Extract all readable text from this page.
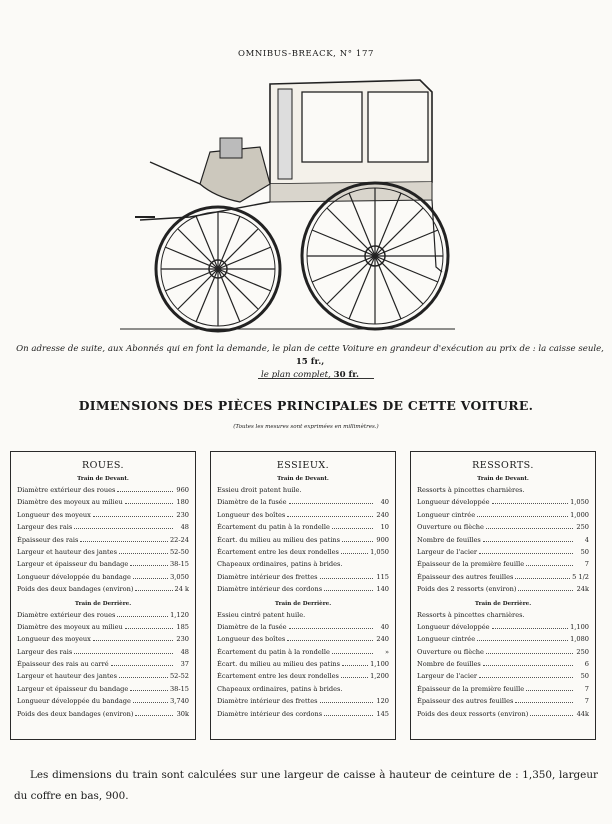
OMNIBUS-BREACK, N° 177
On adresse de suite, aux Abonnés qui en font la demande, le plan de cette Voiture en grandeur d'exécution au prix de : la caisse seule, 15 fr.,
le plan complet, 30 fr.
DIMENSIONS DES PIÈCES PRINCIPALES DE CETTE VOITURE.
(Toutes les mesures sont exprimées en millimètres.)
ROUES.
Train de Devant.
Diamètre extérieur des roues	960
Diamètre des moyeux au milieu	180
Longueur des moyeux	230
Largeur des rais	48
Épaisseur des rais	22-24
Largeur et hauteur des jantes	52-50
Largeur et épaisseur du bandage	38-15
Longueur développée du bandage	3,050
Poids des deux bandages (environ)	24 k
Train de Derrière.
Diamètre extérieur des roues	1,120
Diamètre des moyeux au milieu	185
Longueur des moyeux	230
Largeur des rais	48
Épaisseur des rais au carré	37
Largeur et hauteur des jantes	52-52
Largeur et épaisseur du bandage	38-15
Longueur développée du bandage	3,740
Poids des deux bandages (environ)	30k
ESSIEUX.
Train de Devant.
Essieu droit patent huile.
Diamètre de la fusée	40
Longueur des boîtes	240
Écartement du patin à la rondelle	10
Écart. du milieu au milieu des patins	900
Écartement entre les deux rondelles	1,050
Chapeaux ordinaires, patins à brides.
Diamètre intérieur des frettes	115
Diamètre intérieur des cordons	140
Train de Derrière.
Essieu cintré patent huile.
Diamètre de la fusée	40
Longueur des boîtes	240
Écartement du patin à la rondelle	»
Écart. du milieu au milieu des patins	1,100
Écartement entre les deux rondelles	1,200
Chapeaux ordinaires, patins à brides.
Diamètre intérieur des frettes	120
Diamètre intérieur des cordons	145
RESSORTS.
Train de Devant.
Ressorts à pincettes charnières.
Longueur développée	1,050
Longueur cintrée	1,000
Ouverture ou flèche	250
Nombre de feuilles	4
Largeur de l'acier	50
Épaisseur de la première feuille	7
Épaisseur des autres feuilles	5 1/2
Poids des 2 ressorts (environ)	24k
Train de Derrière.
Ressorts à pincettes charnières.
Longueur développée	1,100
Longueur cintrée	1,080
Ouverture ou flèche	250
Nombre de feuilles	6
Largeur de l'acier	50
Épaisseur de la première feuille	7
Épaisseur des autres feuilles	7
Poids des deux ressorts (environ)	44k
Les dimensions du train sont calculées sur une largeur de caisse à hauteur de ceinture de : 1,350, largeur du coffre en bas, 900.
